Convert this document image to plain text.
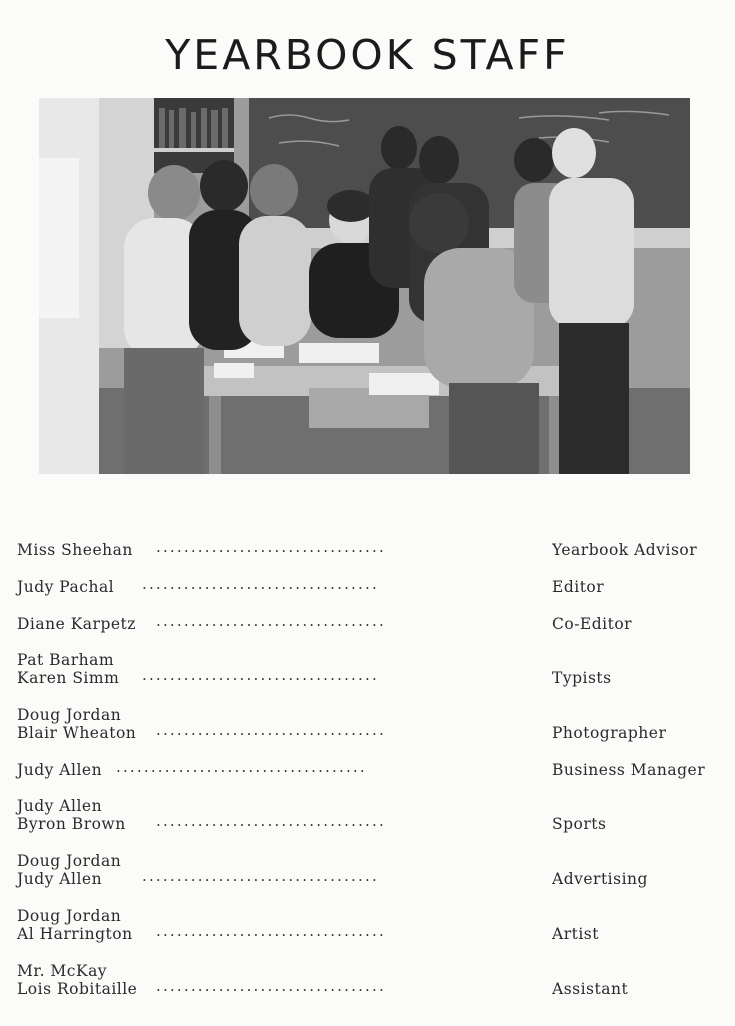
YEARBOOK STAFF
Miss Sheehan .................................	Yearbook Advisor
Judy Pachal ..................................	Editor
Diane Karpetz .................................	Co-Editor
Pat Barham
Karen Simm ..................................	Typists
Doug Jordan
Blair Wheaton .................................	Photographer
Judy Allen ....................................	Business Manager
Judy Allen
Byron Brown .................................	Sports
Doug Jordan
Judy Allen	..................................	Advertising
Doug Jordan
Al Harrington .................................	Artist
Mr. McKay
Lois Robitaille .................................	Assistant
